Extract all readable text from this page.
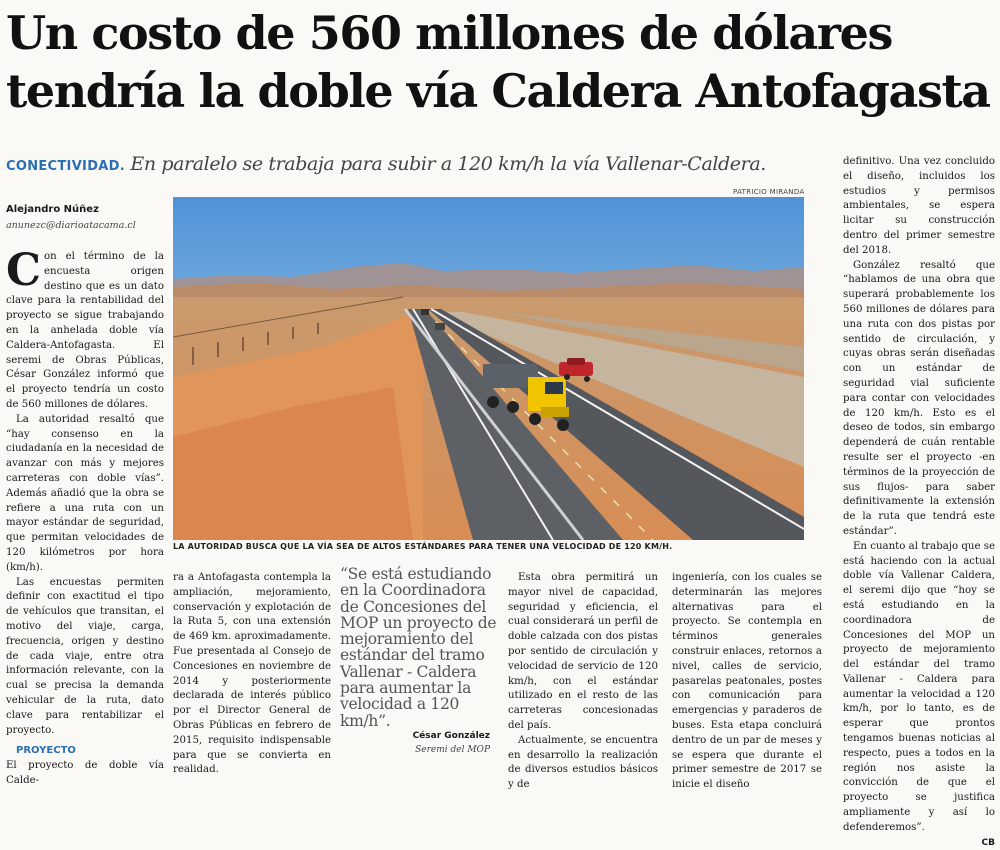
Un costo de 560 millones de dólares
tendría la doble vía Caldera Antofagasta
CONECTIVIDAD. En paralelo se trabaja para subir a 120 km/h la vía Vallenar-Caldera.
PATRICIO MIRANDA
LA AUTORIDAD BUSCA QUE LA VÍA SEA DE ALTOS ESTÁNDARES PARA TENER UNA VELOCIDAD DE 120 KM/H.
Alejandro Núñez
anunezc@diarioatacama.cl

Con el término de la encuesta origen destino que es un dato clave para la rentabilidad del proyecto se sigue trabajando en la anhelada doble vía Caldera-Antofagasta. El seremi de Obras Públicas, César González informó que el proyecto tendría un costo de 560 millones de dólares.

La autoridad resaltó que “hay consenso en la ciudadanía en la necesidad de avanzar con más y mejores carreteras con doble vías”. Además añadió que la obra se refiere a una ruta con un mayor estándar de seguridad, que permitan velocidades de 120 kilómetros por hora (km/h).

Las encuestas permiten definir con exactitud el tipo de vehículos que transitan, el motivo del viaje, carga, frecuencia, origen y destino de cada viaje, entre otra información relevante, con la cual se precisa la demanda vehicular de la ruta, dato clave para rentabilizar el proyecto.

PROYECTO

El proyecto de doble vía Calde-

ra a Antofagasta contempla la ampliación, mejoramiento, conservación y explotación de la Ruta 5, con una extensión de 469 km. aproximadamente. Fue presentada al Consejo de Concesiones en noviembre de 2014 y posteriormente declarada de interés público por el Director General de Obras Públicas en febrero de 2015, requisito indispensable para que se convierta en realidad.

“Se está estudiando en la Coordinadora de Concesiones del MOP un proyecto de mejoramiento del estándar del tramo Vallenar - Caldera para aumentar la velocidad a 120 km/h”.

César González
Seremi del MOP

Esta obra permitirá un mayor nivel de capacidad, seguridad y eficiencia, el cual considerará un perfil de doble calzada con dos pistas por sentido de circulación y velocidad de servicio de 120 km/h, con el estándar utilizado en el resto de las carreteras concesionadas del país.

Actualmente, se encuentra en desarrollo la realización de diversos estudios básicos y de

ingeniería, con los cuales se determinarán las mejores alternativas para el proyecto. Se contempla en términos generales construir enlaces, retornos a nivel, calles de servicio, pasarelas peatonales, postes con comunicación para emergencias y paraderos de buses. Esta etapa concluirá dentro de un par de meses y se espera que durante el primer semestre de 2017 se inicie el diseño

definitivo. Una vez concluido el diseño, incluidos los estudios y permisos ambientales, se espera licitar su construcción dentro del primer semestre del 2018.

González resaltó que “hablamos de una obra que superará probablemente los 560 millones de dólares para una ruta con dos pistas por sentido de circulación, y cuyas obras serán diseñadas con un estándar de seguridad vial suficiente para contar con velocidades de 120 km/h. Esto es el deseo de todos, sin embargo dependerá de cuán rentable resulte ser el proyecto -en términos de la proyección de sus flujos- para saber definitivamente la extensión de la ruta que tendrá este estándar”.

En cuanto al trabajo que se está haciendo con la actual doble vía Vallenar Caldera, el seremi dijo que “hoy se está estudiando en la coordinadora de Concesiones del MOP un proyecto de mejoramiento del estándar del tramo Vallenar - Caldera para aumentar la velocidad a 120 km/h, por lo tanto, es de esperar que prontos tengamos buenas noticias al respecto, pues a todos en la región nos asiste la convicción de que el proyecto se justifica ampliamente y así lo defenderemos”.

CB
